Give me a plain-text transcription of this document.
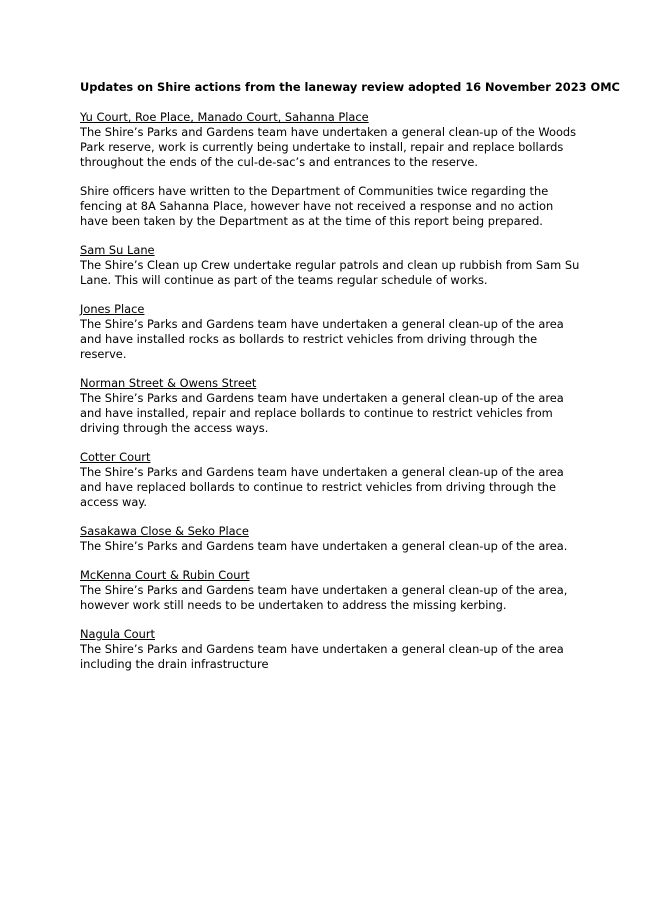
Updates on Shire actions from the laneway review adopted 16 November 2023 OMC

Yu Court, Roe Place, Manado Court, Sahanna Place

The Shire’s Parks and Gardens team have undertaken a general clean-up of the Woods Park reserve, work is currently being undertake to install, repair and replace bollards throughout the ends of the cul-de-sac’s and entrances to the reserve.

Shire officers have written to the Department of Communities twice regarding the fencing at 8A Sahanna Place, however have not received a response and no action have been taken by the Department as at the time of this report being prepared.

Sam Su Lane

The Shire’s Clean up Crew undertake regular patrols and clean up rubbish from Sam Su Lane. This will continue as part of the teams regular schedule of works.

Jones Place

The Shire’s Parks and Gardens team have undertaken a general clean-up of the area and have installed rocks as bollards to restrict vehicles from driving through the reserve.

Norman Street & Owens Street

The Shire’s Parks and Gardens team have undertaken a general clean-up of the area and have installed, repair and replace bollards to continue to restrict vehicles from driving through the access ways.

Cotter Court

The Shire’s Parks and Gardens team have undertaken a general clean-up of the area and have replaced bollards to continue to restrict vehicles from driving through the access way.

Sasakawa Close & Seko Place

The Shire’s Parks and Gardens team have undertaken a general clean-up of the area.

McKenna Court & Rubin Court

The Shire’s Parks and Gardens team have undertaken a general clean-up of the area, however work still needs to be undertaken to address the missing kerbing.

Nagula Court

The Shire’s Parks and Gardens team have undertaken a general clean-up of the area including the drain infrastructure
